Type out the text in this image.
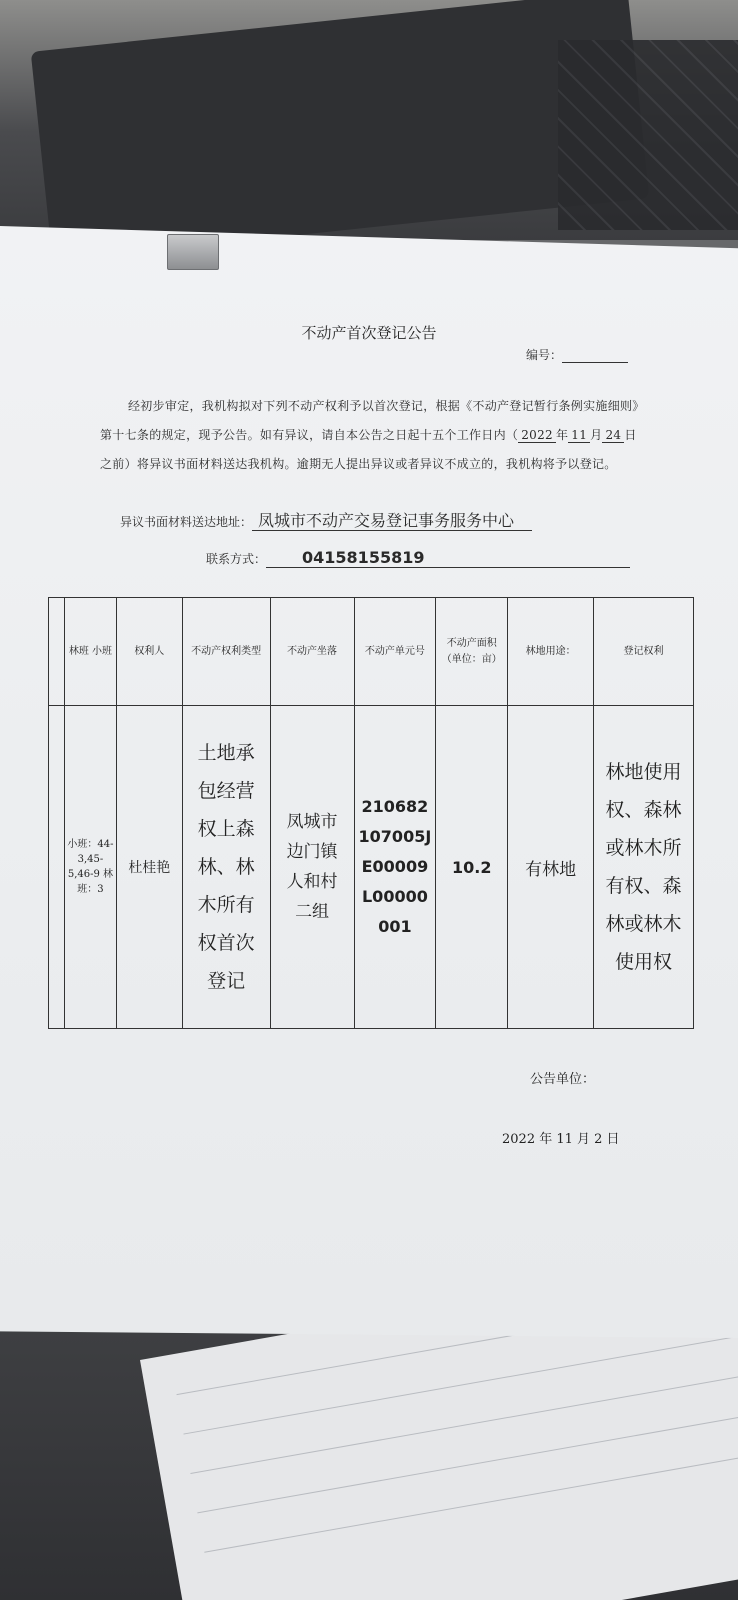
不动产首次登记公告
编号：
经初步审定，我机构拟对下列不动产权利予以首次登记，根据《不动产登记暂行条例实施细则》第十七条的规定，现予公告。如有异议，请自本公告之日起十五个工作日内（ 2022 年 11 月 24 日之前）将异议书面材料送达我机构。逾期无人提出异议或者异议不成立的，我机构将予以登记。
异议书面材料送达地址： 凤城市不动产交易登记事务服务中心
联系方式： 04158155819
	林班 小班	权利人	不动产权利类型	不动产坐落	不动产单元号	不动产面积（单位：亩）	林地用途：	登记权利
	小班：44-3,45-5,46-9 林班：3	杜桂艳	土地承包经营权上森林、林木所有权首次登记	凤城市边门镇人和村二组	210682107005JE00009L00000001	10.2	有林地	林地使用权、森林或林木所有权、森林或林木使用权
公告单位：
2022 年 11 月 2 日
